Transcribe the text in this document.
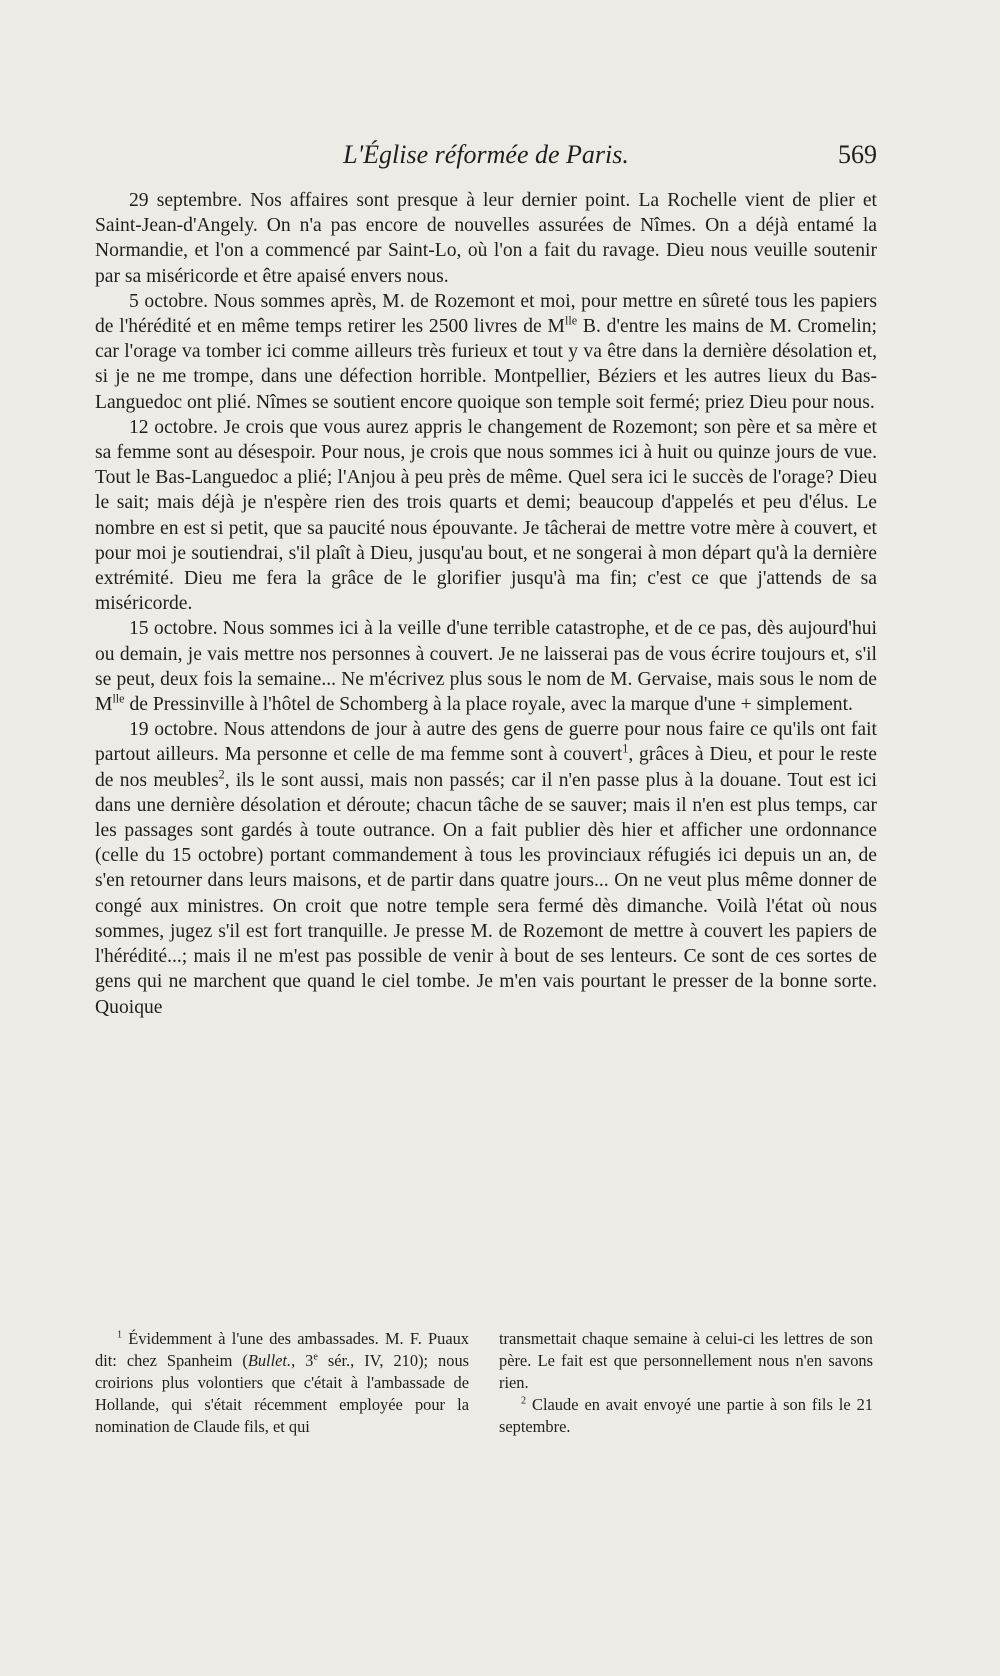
L'Église réformée de Paris.	569

29 septembre. Nos affaires sont presque à leur dernier point. La Rochelle vient de plier et Saint-Jean-d'Angely. On n'a pas encore de nouvelles assurées de Nîmes. On a déjà entamé la Normandie, et l'on a commencé par Saint-Lo, où l'on a fait du ravage. Dieu nous veuille soutenir par sa miséricorde et être apaisé envers nous.

5 octobre. Nous sommes après, M. de Rozemont et moi, pour mettre en sûreté tous les papiers de l'hérédité et en même temps retirer les 2500 livres de $M^{lle}$ B. d'entre les mains de M. Cromelin; car l'orage va tomber ici comme ailleurs très furieux et tout y va être dans la dernière désolation et, si je ne me trompe, dans une défection horrible. Montpellier, Béziers et les autres lieux du Bas-Languedoc ont plié. Nîmes se soutient encore quoique son temple soit fermé; priez Dieu pour nous.

12 octobre. Je crois que vous aurez appris le changement de Rozemont; son père et sa mère et sa femme sont au désespoir. Pour nous, je crois que nous sommes ici à huit ou quinze jours de vue. Tout le Bas-Languedoc a plié; l'Anjou à peu près de même. Quel sera ici le succès de l'orage? Dieu le sait; mais déjà je n'espère rien des trois quarts et demi; beaucoup d'appelés et peu d'élus. Le nombre en est si petit, que sa paucité nous épouvante. Je tâcherai de mettre votre mère à couvert, et pour moi je soutiendrai, s'il plaît à Dieu, jusqu'au bout, et ne songerai à mon départ qu'à la dernière extrémité. Dieu me fera la grâce de le glorifier jusqu'à ma fin; c'est ce que j'attends de sa miséricorde.

15 octobre. Nous sommes ici à la veille d'une terrible catastrophe, et de ce pas, dès aujourd'hui ou demain, je vais mettre nos personnes à couvert. Je ne laisserai pas de vous écrire toujours et, s'il se peut, deux fois la semaine... Ne m'écrivez plus sous le nom de M. Gervaise, mais sous le nom de $M^{lle}$ de Pressinville à l'hôtel de Schomberg à la place royale, avec la marque d'une + simplement.

19 octobre. Nous attendons de jour à autre des gens de guerre pour nous faire ce qu'ils ont fait partout ailleurs. Ma personne et celle de ma femme sont à couvert$^1$, grâces à Dieu, et pour le reste de nos meubles$^2$, ils le sont aussi, mais non passés; car il n'en passe plus à la douane. Tout est ici dans une dernière désolation et déroute; chacun tâche de se sauver; mais il n'en est plus temps, car les passages sont gardés à toute outrance. On a fait publier dès hier et afficher une ordonnance (celle du 15 octobre) portant commandement à tous les provinciaux réfugiés ici depuis un an, de s'en retourner dans leurs maisons, et de partir dans quatre jours... On ne veut plus même donner de congé aux ministres. On croit que notre temple sera fermé dès dimanche. Voilà l'état où nous sommes, jugez s'il est fort tranquille. Je presse M. de Rozemont de mettre à couvert les papiers de l'hérédité...; mais il ne m'est pas possible de venir à bout de ses lenteurs. Ce sont de ces sortes de gens qui ne marchent que quand le ciel tombe. Je m'en vais pourtant le presser de la bonne sorte. Quoique

$^1$ Évidemment à l'une des ambassades. M. F. Puaux dit: chez Spanheim (Bullet., 3e sér., IV, 210); nous croirions plus volontiers que c'était à l'ambassade de Hollande, qui s'était récemment employée pour la nomination de Claude fils, et qui

transmettait chaque semaine à celui-ci les lettres de son père. Le fait est que personnellement nous n'en savons rien.

$^2$ Claude en avait envoyé une partie à son fils le 21 septembre.
